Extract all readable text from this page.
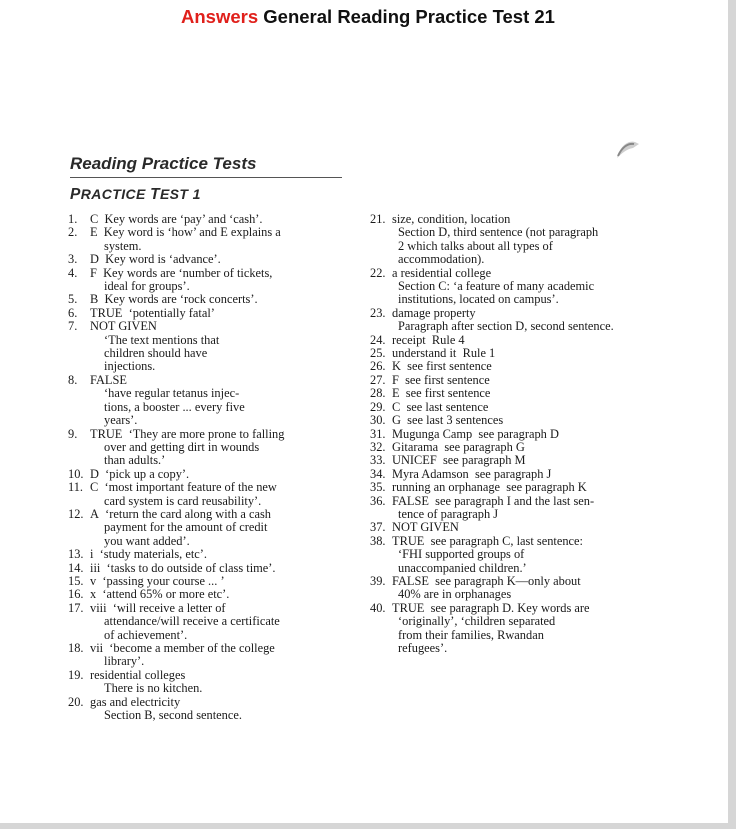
Answers General Reading Practice Test 21
Reading Practice Tests
PRACTICE TEST 1
1. C  Key words are ‘pay’ and ‘cash’.
2. E  Key word is ‘how’ and E explains a
system.
3. D  Key word is ‘advance’.
4. F  Key words are ‘number of tickets,
ideal for groups’.
5. B  Key words are ‘rock concerts’.
6. TRUE  ‘potentially fatal’
7. NOT GIVEN
‘The text mentions that
children should have
injections.
8. FALSE
‘have regular tetanus injec-
tions, a booster ... every five
years’.
9. TRUE  ‘They are more prone to falling
over and getting dirt in wounds
than adults.’
10. D  ‘pick up a copy’.
11. C  ‘most important feature of the new
card system is card reusability’.
12. A  ‘return the card along with a cash
payment for the amount of credit
you want added’.
13. i  ‘study materials, etc’.
14. iii  ‘tasks to do outside of class time’.
15. v  ‘passing your course ... ’
16. x  ‘attend 65% or more etc’.
17. viii  ‘will receive a letter of
attendance/will receive a certificate
of achievement’.
18. vii  ‘become a member of the college
library’.
19. residential colleges
There is no kitchen.
20. gas and electricity
Section B, second sentence.
21. size, condition, location
Section D, third sentence (not paragraph
2 which talks about all types of
accommodation).
22. a residential college
Section C: ‘a feature of many academic
institutions, located on campus’.
23. damage property
Paragraph after section D, second sentence.
24. receipt  Rule 4
25. understand it  Rule 1
26. K  see first sentence
27. F  see first sentence
28. E  see first sentence
29. C  see last sentence
30. G  see last 3 sentences
31. Mugunga Camp  see paragraph D
32. Gitarama  see paragraph G
33. UNICEF  see paragraph M
34. Myra Adamson  see paragraph J
35. running an orphanage  see paragraph K
36. FALSE  see paragraph I and the last sen-
tence of paragraph J
37. NOT GIVEN
38. TRUE  see paragraph C, last sentence:
‘FHI supported groups of
unaccompanied children.’
39. FALSE  see paragraph K—only about
40% are in orphanages
40. TRUE  see paragraph D. Key words are
‘originally’, ‘children separated
from their families, Rwandan
refugees’.
